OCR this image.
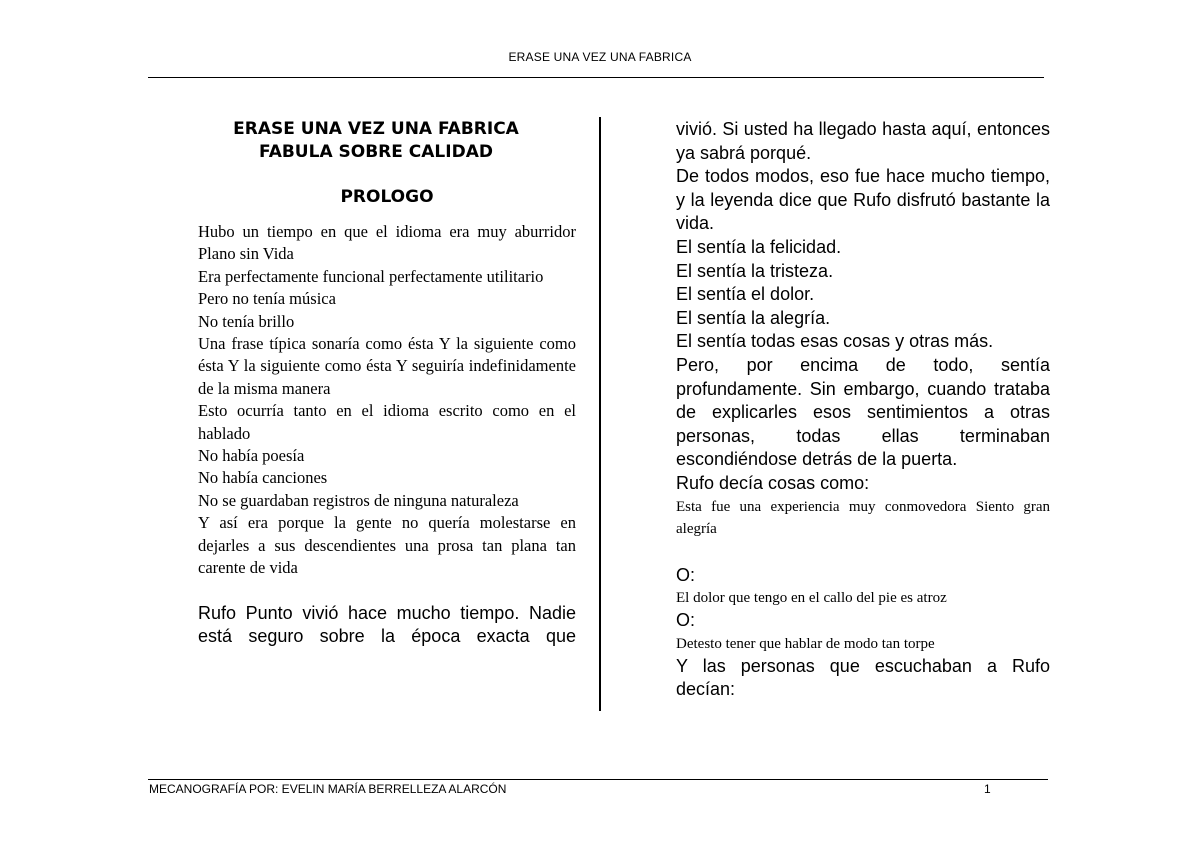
ERASE UNA VEZ UNA FABRICA
ERASE UNA VEZ UNA FABRICA
FABULA SOBRE CALIDAD
PROLOGO

Hubo un tiempo en que el idioma era muy aburridor Plano sin Vida

Era perfectamente funcional perfectamente utilitario

Pero no tenía música

No tenía brillo

Una frase típica sonaría como ésta Y la siguiente como ésta Y la siguiente como ésta Y seguiría indefinidamente de la misma manera

Esto ocurría tanto en el idioma escrito como en el hablado

No había poesía

No había canciones

No se guardaban registros de ninguna naturaleza

Y así era porque la gente no quería molestarse en dejarles a sus descendientes una prosa tan plana tan carente de vida

Rufo Punto vivió hace mucho tiempo. Nadie está seguro sobre la época exacta que

vivió. Si usted ha llegado hasta aquí, entonces ya sabrá porqué.

De todos modos, eso fue hace mucho tiempo, y la leyenda dice que Rufo disfrutó bastante la vida.

El sentía la felicidad.

El sentía la tristeza.

El sentía el dolor.

El sentía la alegría.

El sentía todas esas cosas y otras más.

Pero, por encima de todo, sentía profundamente. Sin embargo, cuando trataba de explicarles esos sentimientos a otras personas, todas ellas terminaban escondiéndose detrás de la puerta.

Rufo decía cosas como:

Esta fue una experiencia muy conmovedora Siento gran alegría

O:

El dolor que tengo en el callo del pie es atroz

O:

Detesto tener que hablar de modo tan torpe

Y las personas que escuchaban a Rufo decían:

MECANOGRAFÍA POR: EVELIN MARÍA BERRELLEZA ALARCÓN	1
